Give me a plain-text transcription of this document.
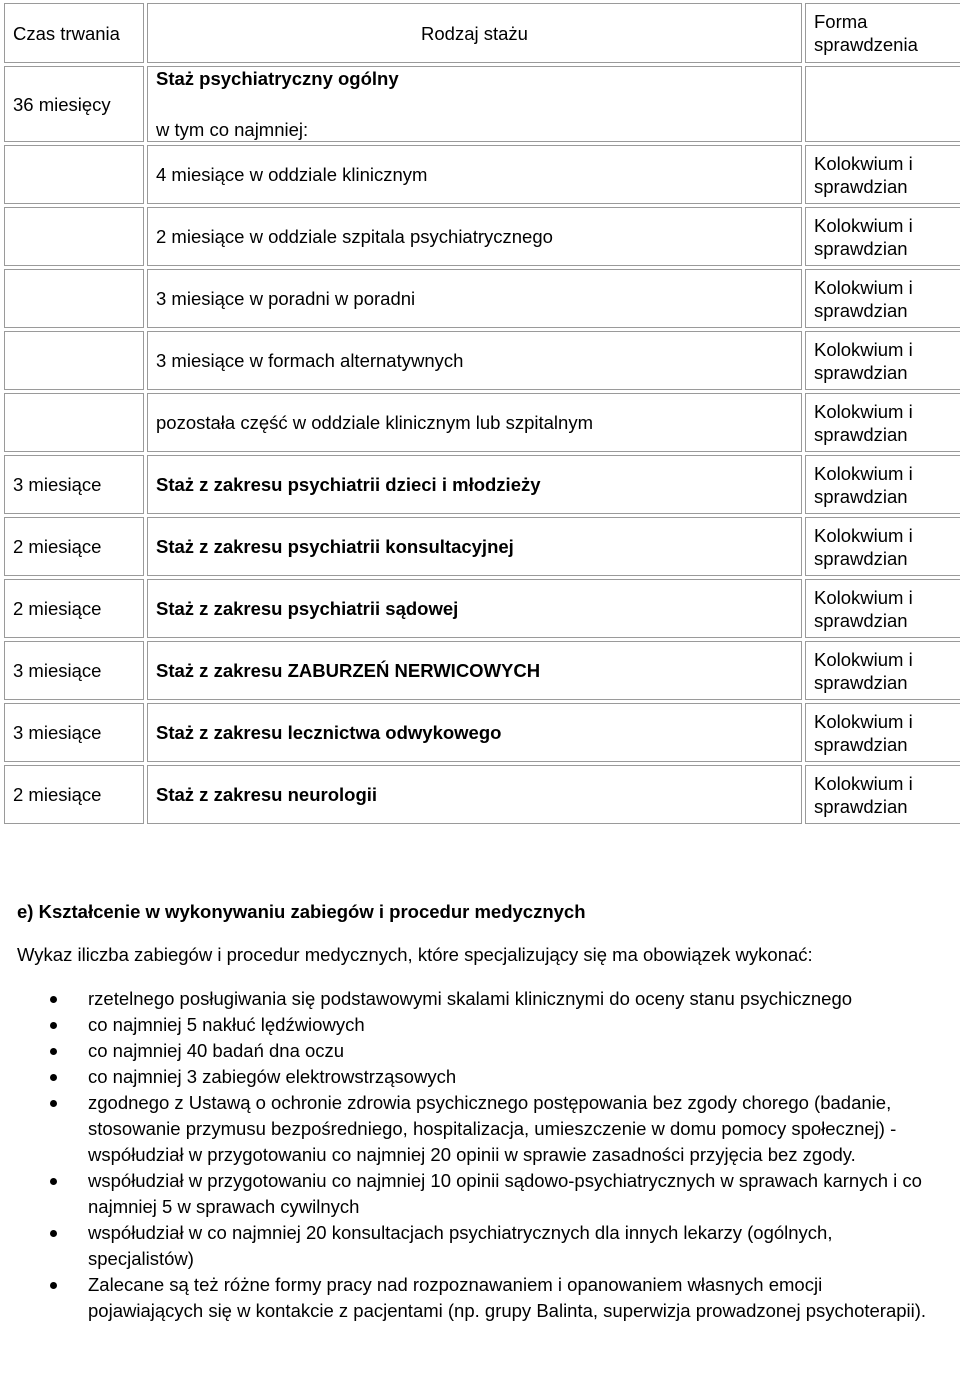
Czas trwania	Rodzaj stażu	Forma sprawdzenia
36 miesięcy	Staż psychiatryczny ogólny
w tym co najmniej:	

	4 miesiące w oddziale klinicznym	Kolokwium i sprawdzian
	2 miesiące w oddziale szpitala psychiatrycznego	Kolokwium i sprawdzian
	3 miesiące w poradni w poradni	Kolokwium i sprawdzian
	3 miesiące w formach alternatywnych	Kolokwium i sprawdzian
	pozostała część w oddziale klinicznym lub szpitalnym	Kolokwium i sprawdzian
3 miesiące	Staż z zakresu psychiatrii dzieci i młodzieży	Kolokwium i sprawdzian
2 miesiące	Staż z zakresu psychiatrii konsultacyjnej	Kolokwium i sprawdzian
2 miesiące	Staż z zakresu psychiatrii sądowej	Kolokwium i sprawdzian
3 miesiące	Staż z zakresu ZABURZEŃ NERWICOWYCH	Kolokwium i sprawdzian
3 miesiące	Staż z zakresu lecznictwa odwykowego	Kolokwium i sprawdzian
2 miesiące	Staż z zakresu neurologii	Kolokwium i sprawdzian
e) Kształcenie w wykonywaniu zabiegów i procedur medycznych

Wykaz iliczba zabiegów i procedur medycznych, które specjalizujący się ma obowiązek wykonać:

rzetelnego posługiwania się podstawowymi skalami klinicznymi do oceny stanu psychicznego
co najmniej 5 nakłuć lędźwiowych
co najmniej 40 badań dna oczu
co najmniej 3 zabiegów elektrowstrząsowych
zgodnego z Ustawą o ochronie zdrowia psychicznego postępowania bez zgody chorego (badanie, stosowanie przymusu bezpośredniego, hospitalizacja, umieszczenie w domu pomocy społecznej) - współudział w przygotowaniu co najmniej 20 opinii w sprawie zasadności przyjęcia bez zgody.
współudział w przygotowaniu co najmniej 10 opinii sądowo-psychiatrycznych w sprawach karnych i co najmniej 5 w sprawach cywilnych
współudział w co najmniej 20 konsultacjach psychiatrycznych dla innych lekarzy (ogólnych, specjalistów)
Zalecane są też różne formy pracy nad rozpoznawaniem i opanowaniem własnych emocji pojawiających się w kontakcie z pacjentami (np. grupy Balinta, superwizja prowadzonej psychoterapii).
